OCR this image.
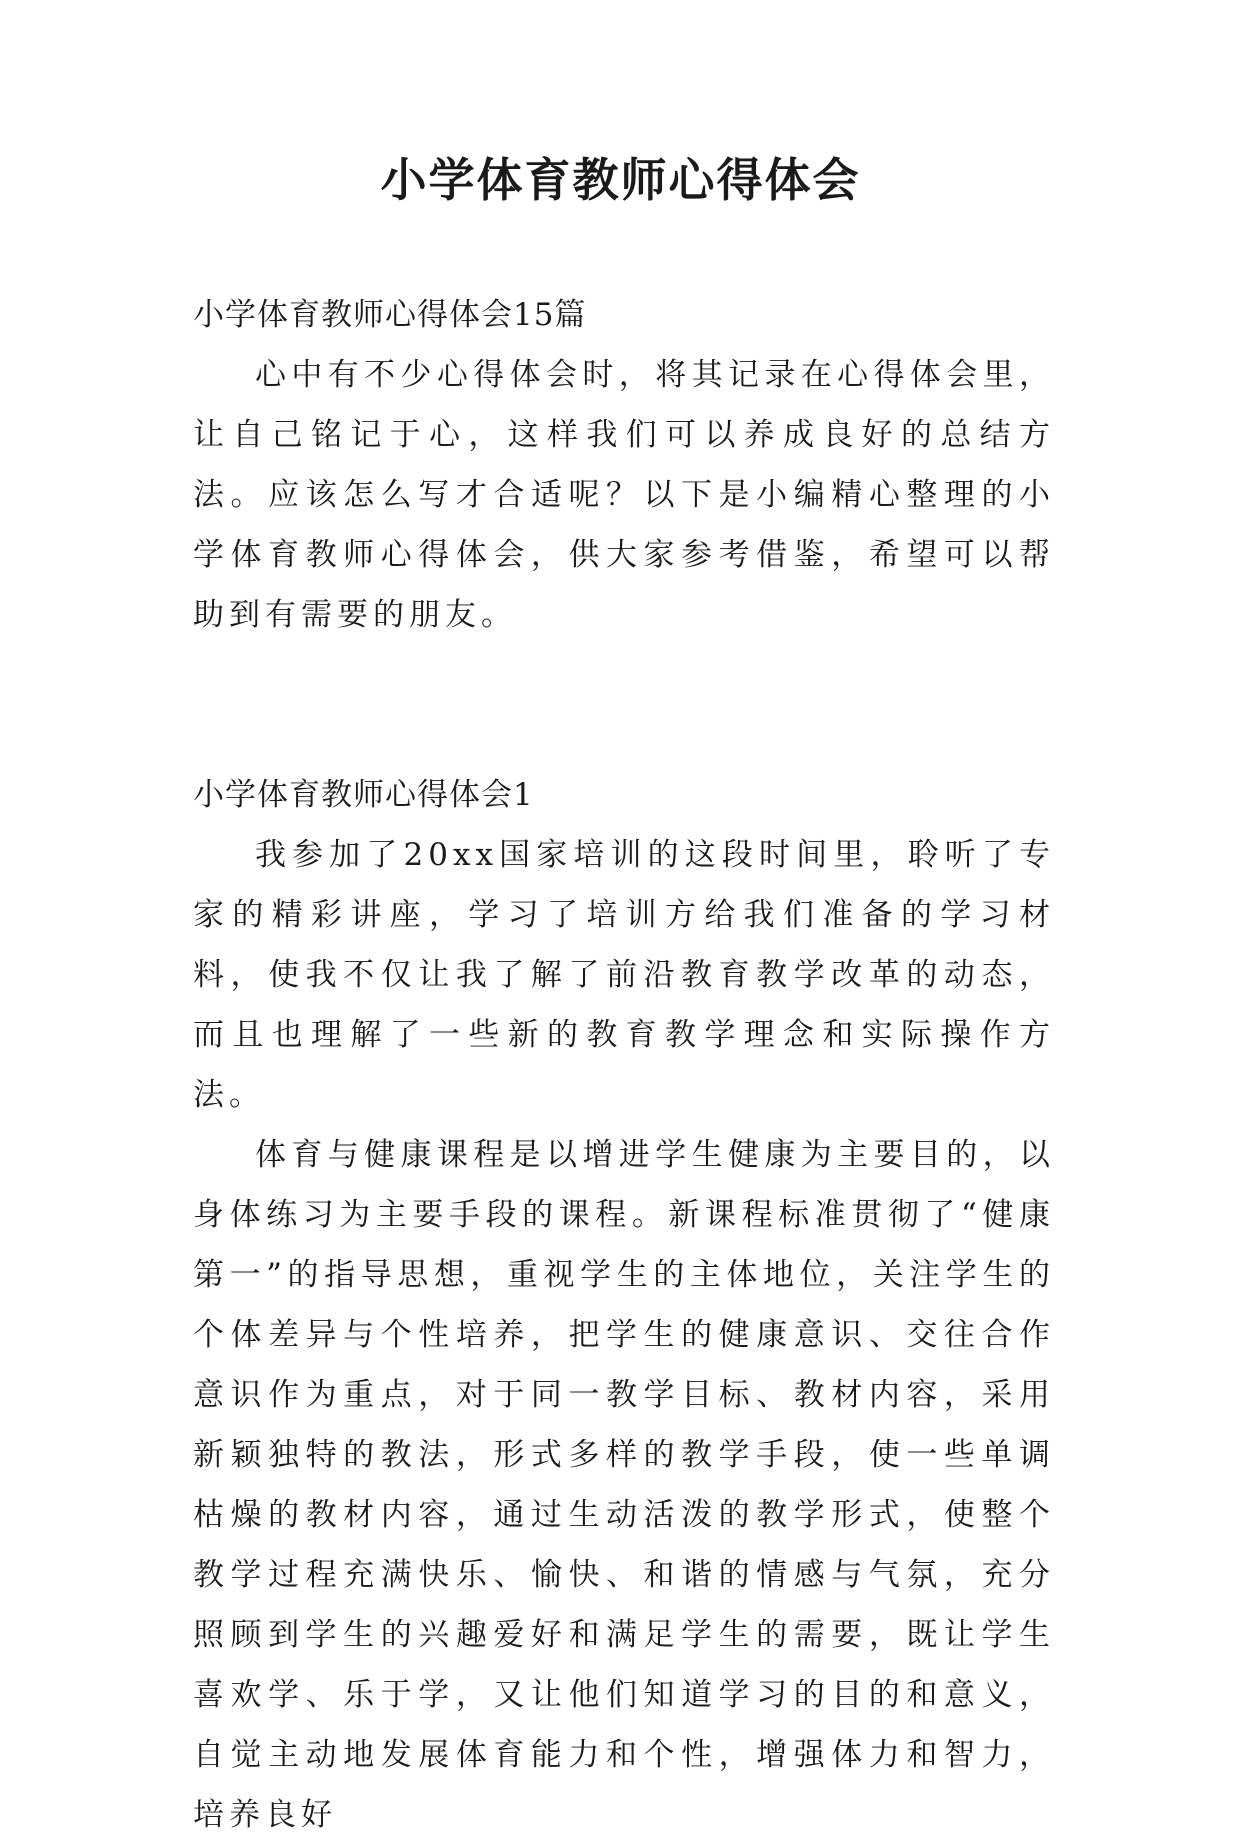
小学体育教师心得体会

小学体育教师心得体会15篇

心中有不少心得体会时，将其记录在心得体会里，让自己铭记于心，这样我们可以养成良好的总结方法。应该怎么写才合适呢？以下是小编精心整理的小学体育教师心得体会，供大家参考借鉴，希望可以帮助到有需要的朋友。

小学体育教师心得体会1

我参加了20xx国家培训的这段时间里，聆听了专家的精彩讲座，学习了培训方给我们准备的学习材料，使我不仅让我了解了前沿教育教学改革的动态，而且也理解了一些新的教育教学理念和实际操作方法。

体育与健康课程是以增进学生健康为主要目的，以身体练习为主要手段的课程。新课程标准贯彻了“健康第一”的指导思想，重视学生的主体地位，关注学生的个体差异与个性培养，把学生的健康意识、交往合作意识作为重点，对于同一教学目标、教材内容，采用新颖独特的教法，形式多样的教学手段，使一些单调枯燥的教材内容，通过生动活泼的教学形式，使整个教学过程充满快乐、愉快、和谐的情感与气氛，充分照顾到学生的兴趣爱好和满足学生的需要，既让学生喜欢学、乐于学，又让他们知道学习的目的和意义，自觉主动地发展体育能力和个性，增强体力和智力，培养良好
